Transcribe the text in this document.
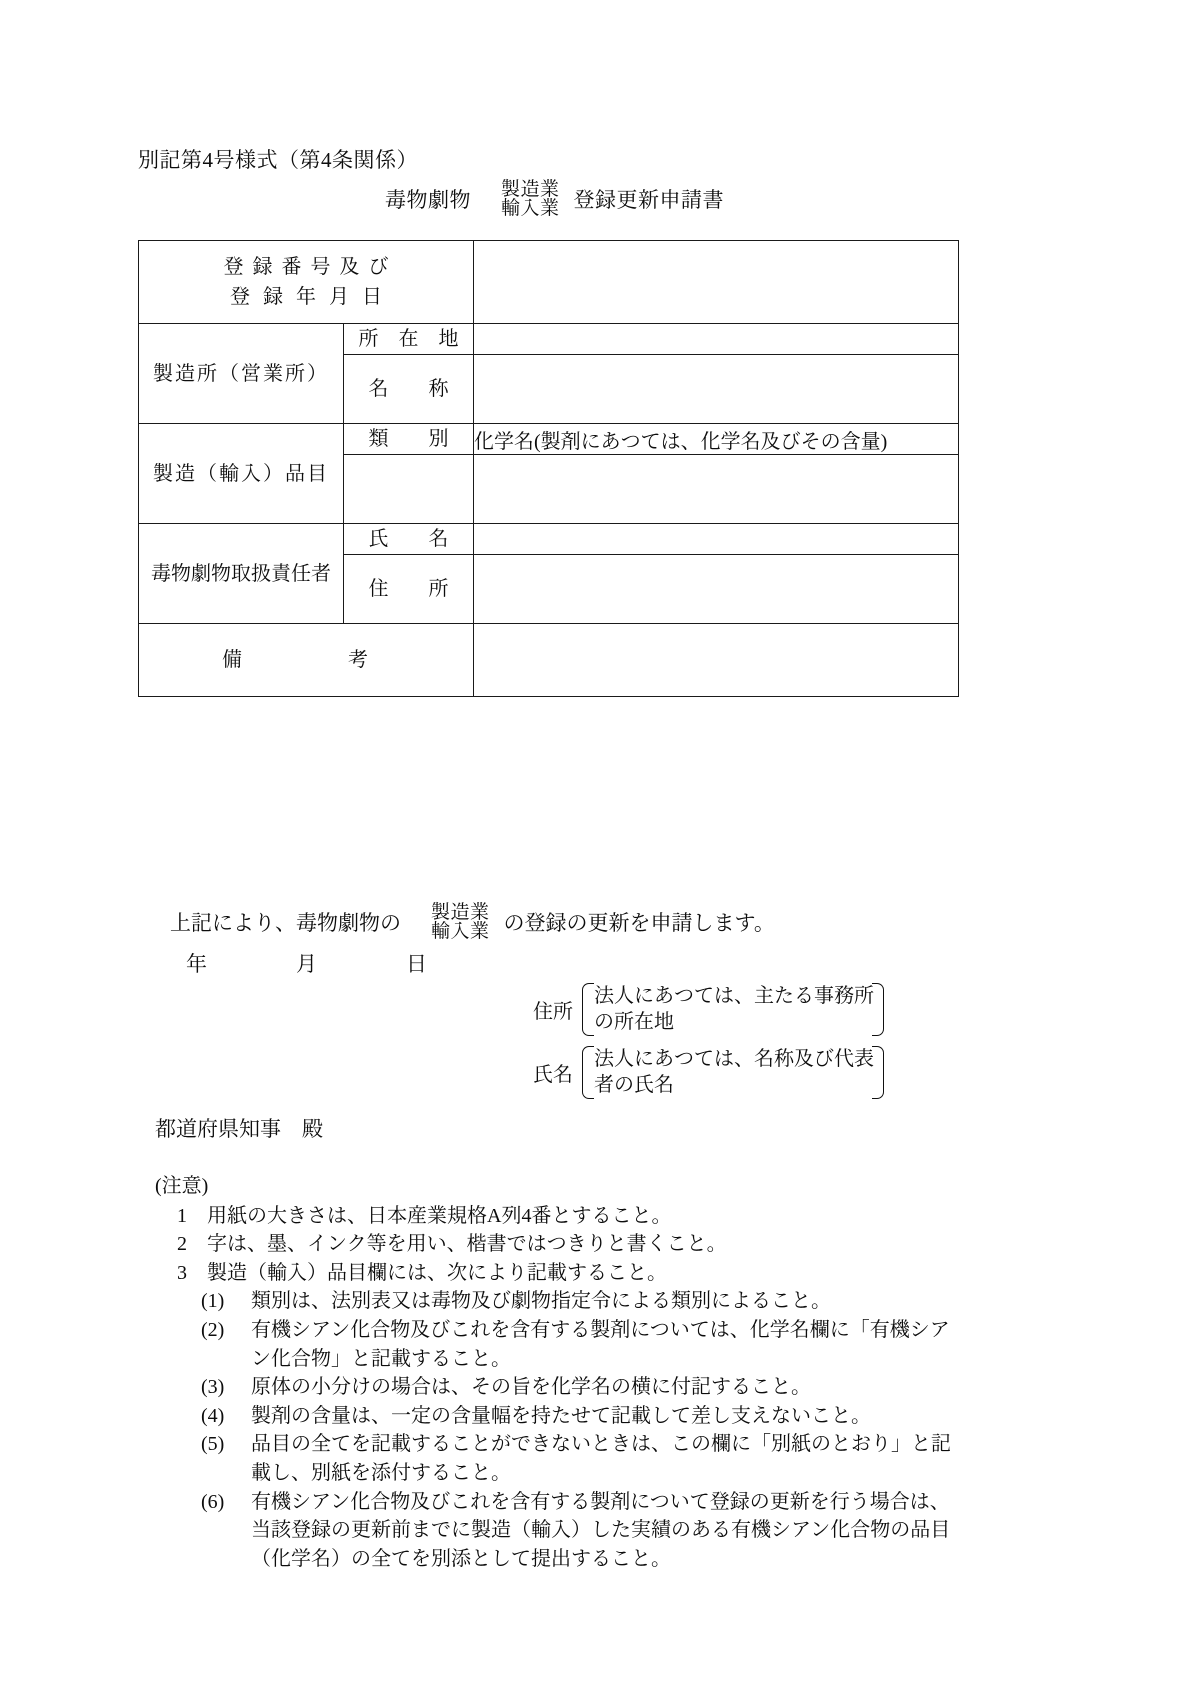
別記第4号様式（第4条関係）
毒物劇物 製造業
輸入業 登録更新申請書
登録番号及び
登録年月日		

製造所（営業所）	所　在　地	
	名　　称	
製造（輸入）品目	類　　別	化学名(製剤にあつては、化学名及びその含量)

毒物劇物取扱責任者	氏　　名	
	住　　所	
備　　考		
上記により、毒物劇物の 製造業
輸入業 の登録の更新を申請します。
年　月　日
住所
法人にあつては、主たる事務所
の所在地
氏名
法人にあつては、名称及び代表
者の氏名
都道府県知事　殿
(注意)
1	用紙の大きさは、日本産業規格A列4番とすること。
2	字は、墨、インク等を用い、楷書ではつきりと書くこと。
3	製造（輸入）品目欄には、次により記載すること。
(1)	類別は、法別表又は毒物及び劇物指定令による類別によること。
(2)	有機シアン化合物及びこれを含有する製剤については、化学名欄に「有機シア
ン化合物」と記載すること。
(3)	原体の小分けの場合は、その旨を化学名の横に付記すること。
(4)	製剤の含量は、一定の含量幅を持たせて記載して差し支えないこと。
(5)	品目の全てを記載することができないときは、この欄に「別紙のとおり」と記
載し、別紙を添付すること。
(6)	有機シアン化合物及びこれを含有する製剤について登録の更新を行う場合は、
当該登録の更新前までに製造（輸入）した実績のある有機シアン化合物の品目
（化学名）の全てを別添として提出すること。
